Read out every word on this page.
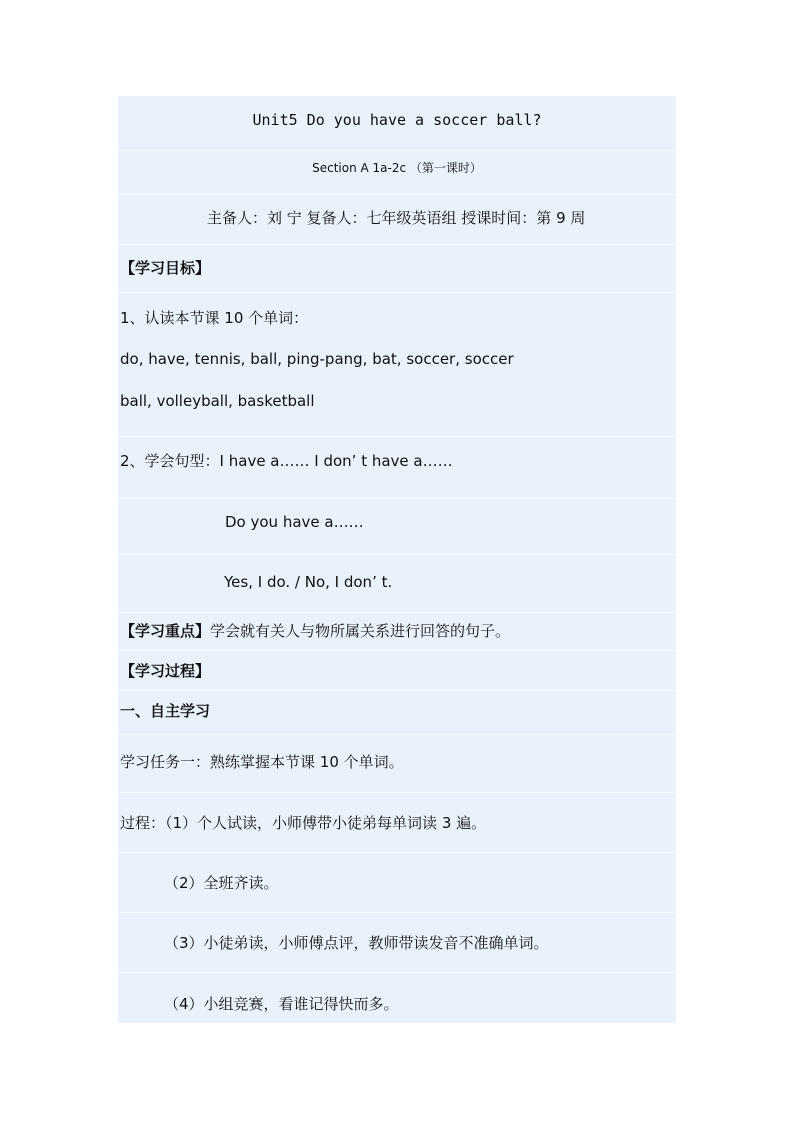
Unit5 Do you have a soccer ball?
Section A 1a-2c （第一课时）
主备人：刘 宁 复备人：七年级英语组 授课时间：第 9 周
【学习目标】
1、认读本节课 10 个单词：
do, have, tennis, ball, ping-pang, bat, soccer, soccer
ball, volleyball, basketball
2、学会句型：I have a…… I don’ t have a……
Do you have a……
Yes, I do. / No, I don’ t.
【学习重点】学会就有关人与物所属关系进行回答的句子。
【学习过程】
一、自主学习
学习任务一：熟练掌握本节课 10 个单词。
过程：（1）个人试读，小师傅带小徒弟每单词读 3 遍。
（2）全班齐读。
（3）小徒弟读，小师傅点评，教师带读发音不准确单词。
（4）小组竞赛，看谁记得快而多。
